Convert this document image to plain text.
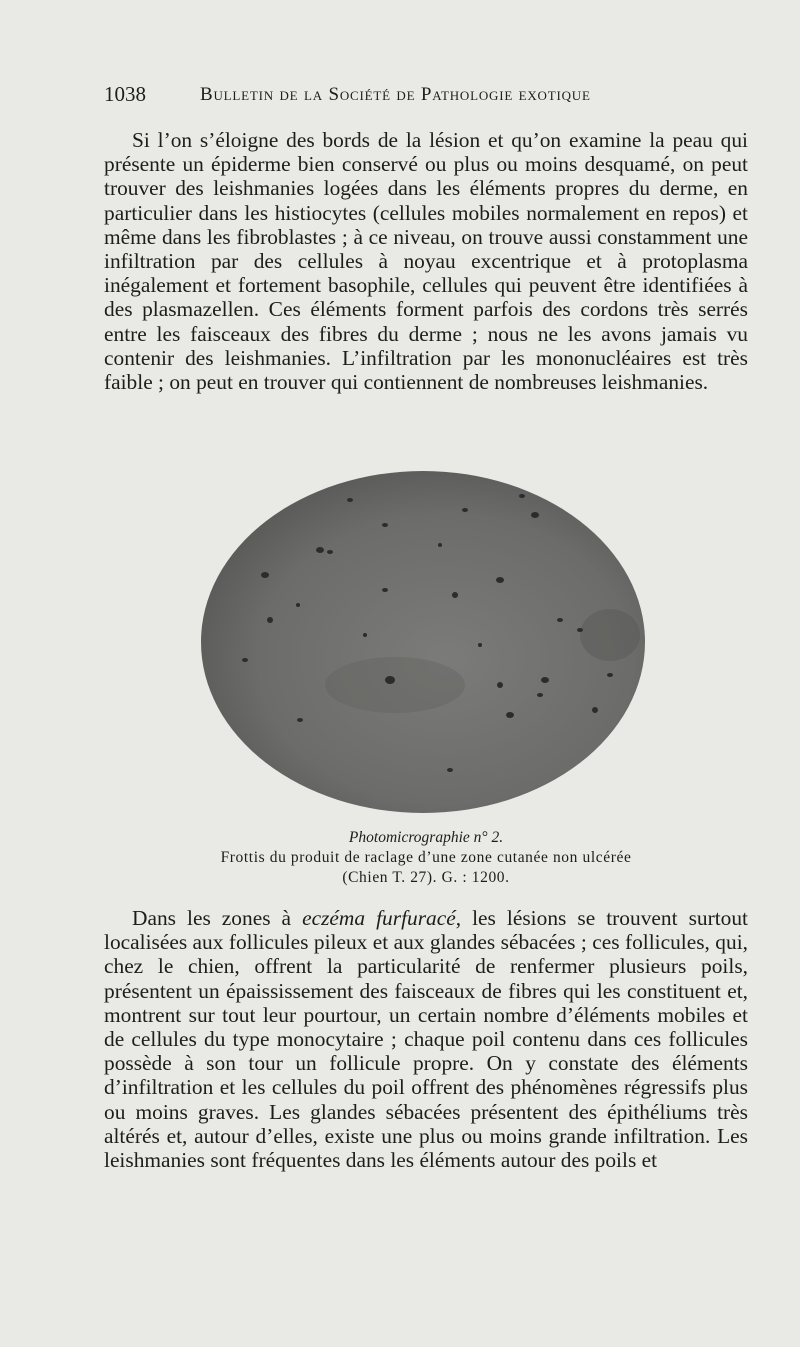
1038	Bulletin de la Société de Pathologie exotique

Si l’on s’éloigne des bords de la lésion et qu’on examine la peau qui présente un épiderme bien conservé ou plus ou moins desquamé, on peut trouver des leishmanies logées dans les éléments propres du derme, en particulier dans les histiocytes (cellules mobiles normalement en repos) et même dans les fibroblastes ; à ce niveau, on trouve aussi constamment une infiltration par des cellules à noyau excentrique et à protoplasma inégalement et fortement basophile, cellules qui peuvent être identifiées à des plasmazellen. Ces éléments forment parfois des cordons très serrés entre les faisceaux des fibres du derme ; nous ne les avons jamais vu contenir des leishmanies. L’infiltration par les mononucléaires est très faible ; on peut en trouver qui contiennent de nombreuses leishmanies.

Photomicrographie n° 2.
Frottis du produit de raclage d’une zone cutanée non ulcérée
(Chien T. 27). G. : 1200.

Dans les zones à eczéma furfuracé, les lésions se trouvent surtout localisées aux follicules pileux et aux glandes sébacées ; ces follicules, qui, chez le chien, offrent la particularité de renfermer plusieurs poils, présentent un épaississement des faisceaux de fibres qui les constituent et, montrent sur tout leur pourtour, un certain nombre d’éléments mobiles et de cellules du type monocytaire ; chaque poil contenu dans ces follicules possède à son tour un follicule propre. On y constate des éléments d’infiltration et les cellules du poil offrent des phénomènes régressifs plus ou moins graves. Les glandes sébacées présentent des épithéliums très altérés et, autour d’elles, existe une plus ou moins grande infiltration. Les leishmanies sont fréquentes dans les éléments autour des poils et
